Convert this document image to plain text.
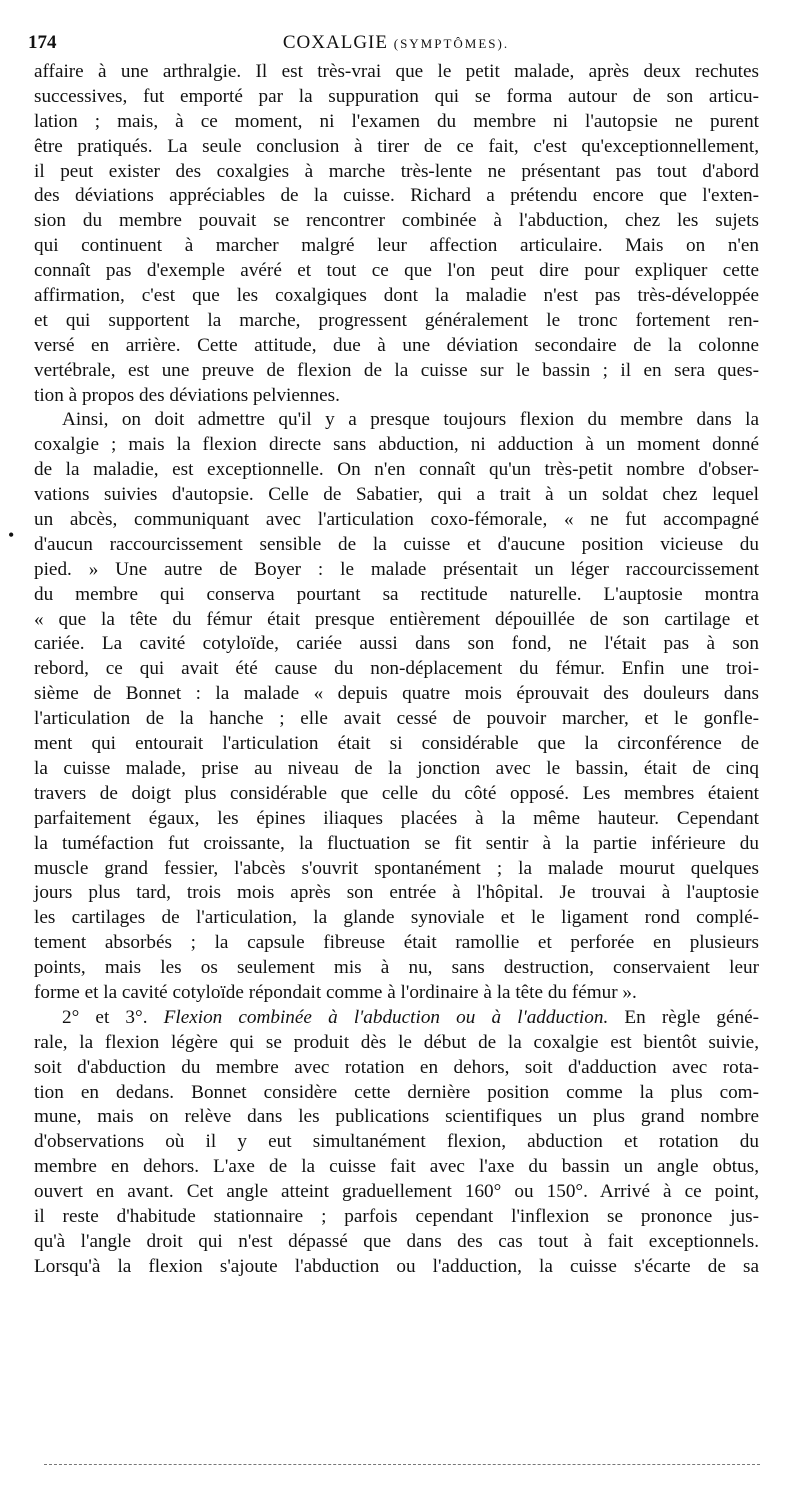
174	COXALGIE (SYMPTÔMES).
•
affaire à une arthralgie. Il est très-vrai que le petit malade, après deux rechutes
successives, fut emporté par la suppuration qui se forma autour de son articu-
lation ; mais, à ce moment, ni l'examen du membre ni l'autopsie ne purent
être pratiqués. La seule conclusion à tirer de ce fait, c'est qu'exceptionnellement,
il peut exister des coxalgies à marche très-lente ne présentant pas tout d'abord
des déviations appréciables de la cuisse. Richard a prétendu encore que l'exten-
sion du membre pouvait se rencontrer combinée à l'abduction, chez les sujets
qui continuent à marcher malgré leur affection articulaire. Mais on n'en
connaît pas d'exemple avéré et tout ce que l'on peut dire pour expliquer cette
affirmation, c'est que les coxalgiques dont la maladie n'est pas très-développée
et qui supportent la marche, progressent généralement le tronc fortement ren-
versé en arrière. Cette attitude, due à une déviation secondaire de la colonne
vertébrale, est une preuve de flexion de la cuisse sur le bassin ; il en sera ques-
tion à propos des déviations pelviennes.
Ainsi, on doit admettre qu'il y a presque toujours flexion du membre dans la
coxalgie ; mais la flexion directe sans abduction, ni adduction à un moment donné
de la maladie, est exceptionnelle. On n'en connaît qu'un très-petit nombre d'obser-
vations suivies d'autopsie. Celle de Sabatier, qui a trait à un soldat chez lequel
un abcès, communiquant avec l'articulation coxo-fémorale, « ne fut accompagné
d'aucun raccourcissement sensible de la cuisse et d'aucune position vicieuse du
pied. » Une autre de Boyer : le malade présentait un léger raccourcissement
du membre qui conserva pourtant sa rectitude naturelle. L'auptosie montra
« que la tête du fémur était presque entièrement dépouillée de son cartilage et
cariée. La cavité cotyloïde, cariée aussi dans son fond, ne l'était pas à son
rebord, ce qui avait été cause du non-déplacement du fémur. Enfin une troi-
sième de Bonnet : la malade « depuis quatre mois éprouvait des douleurs dans
l'articulation de la hanche ; elle avait cessé de pouvoir marcher, et le gonfle-
ment qui entourait l'articulation était si considérable que la circonférence de
la cuisse malade, prise au niveau de la jonction avec le bassin, était de cinq
travers de doigt plus considérable que celle du côté opposé. Les membres étaient
parfaitement égaux, les épines iliaques placées à la même hauteur. Cependant
la tuméfaction fut croissante, la fluctuation se fit sentir à la partie inférieure du
muscle grand fessier, l'abcès s'ouvrit spontanément ; la malade mourut quelques
jours plus tard, trois mois après son entrée à l'hôpital. Je trouvai à l'auptosie
les cartilages de l'articulation, la glande synoviale et le ligament rond complé-
tement absorbés ; la capsule fibreuse était ramollie et perforée en plusieurs
points, mais les os seulement mis à nu, sans destruction, conservaient leur
forme et la cavité cotyloïde répondait comme à l'ordinaire à la tête du fémur ».
2° et 3°. Flexion combinée à l'abduction ou à l'adduction. En règle géné-
rale, la flexion légère qui se produit dès le début de la coxalgie est bientôt suivie,
soit d'abduction du membre avec rotation en dehors, soit d'adduction avec rota-
tion en dedans. Bonnet considère cette dernière position comme la plus com-
mune, mais on relève dans les publications scientifiques un plus grand nombre
d'observations où il y eut simultanément flexion, abduction et rotation du
membre en dehors. L'axe de la cuisse fait avec l'axe du bassin un angle obtus,
ouvert en avant. Cet angle atteint graduellement 160° ou 150°. Arrivé à ce point,
il reste d'habitude stationnaire ; parfois cependant l'inflexion se prononce jus-
qu'à l'angle droit qui n'est dépassé que dans des cas tout à fait exceptionnels.
Lorsqu'à la flexion s'ajoute l'abduction ou l'adduction, la cuisse s'écarte de sa
